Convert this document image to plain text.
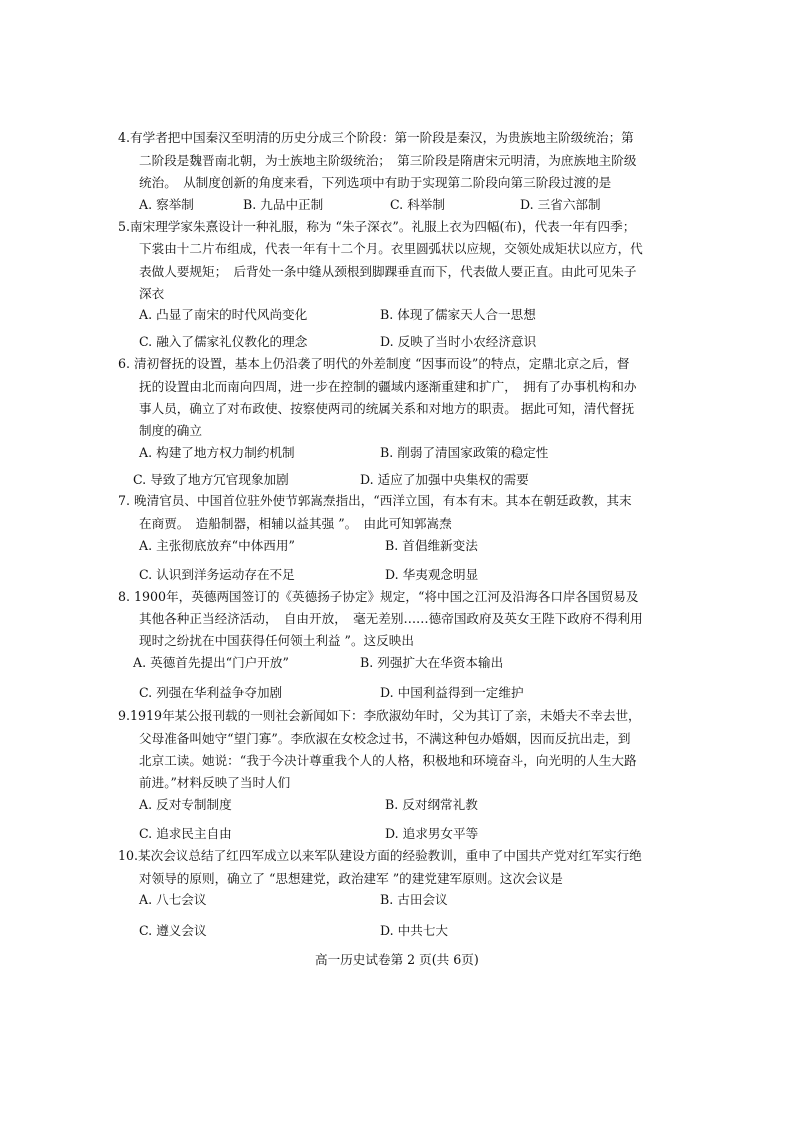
4.有学者把中国秦汉至明清的历史分成三个阶段：第一阶段是秦汉，为贵族地主阶级统治；第
二阶段是魏晋南北朝，为士族地主阶级统治；　第三阶段是隋唐宋元明清，为庶族地主阶级
统治。　从制度创新的角度来看，下列选项中有助于实现第二阶段向第三阶段过渡的是
A. 察举制	B. 九品中正制	C. 科举制	D. 三省六部制
5.南宋理学家朱熹设计一种礼服，称为 “朱子深衣”。礼服上衣为四幅(布)，代表一年有四季；
下裳由十二片布组成，代表一年有十二个月。衣里圆弧状以应规，交领处成矩状以应方，代
表做人要规矩；　后背处一条中缝从颈根到脚踝垂直而下，代表做人要正直。由此可见朱子
深衣
A. 凸显了南宋的时代风尚变化	B. 体现了儒家天人合一思想
C. 融入了儒家礼仪教化的理念	D. 反映了当时小农经济意识
6. 清初督抚的设置，基本上仍沿袭了明代的外差制度 “因事而设”的特点，定鼎北京之后，督
抚的设置由北而南向四周，进一步在控制的疆域内逐渐重建和扩广，　拥有了办事机构和办
事人员，确立了对布政使、按察使两司的统属关系和对地方的职责。 据此可知，清代督抚
制度的确立
A. 构建了地方权力制约机制	B. 削弱了清国家政策的稳定性
C. 导致了地方冗官现象加剧	D. 适应了加强中央集权的需要
7. 晚清官员、中国首位驻外使节郭嵩焘指出，“西洋立国，有本有末。其本在朝廷政教，其末
在商贾。　造船制器，相辅以益其强 ”。　由此可知郭嵩焘
A. 主张彻底放弃“中体西用”	B. 首倡维新变法
C. 认识到洋务运动存在不足	D. 华夷观念明显
8. 1900年，英德两国签订的《英德扬子协定》规定，“将中国之江河及沿海各口岸各国贸易及
其他各种正当经济活动，　自由开放，　毫无差别……德帝国政府及英女王陛下政府不得利用
现时之纷扰在中国获得任何领土利益 ”。这反映出
A. 英德首先提出“门户开放”	B. 列强扩大在华资本输出
C. 列强在华利益争夺加剧	D. 中国利益得到一定维护
9.1919年某公报刊载的一则社会新闻如下：李欣淑幼年时，父为其订了亲，未婚夫不幸去世，
父母准备叫她守“望门寡”。李欣淑在女校念过书，不满这种包办婚姻，因而反抗出走，到
北京工读。她说：“我于今决计尊重我个人的人格，积极地和环境奋斗，向光明的人生大路
前进。”材料反映了当时人们
A. 反对专制制度	B. 反对纲常礼教
C. 追求民主自由	D. 追求男女平等
10.某次会议总结了红四军成立以来军队建设方面的经验教训，重申了中国共产党对红军实行绝
对领导的原则，确立了 “思想建党，政治建军 ”的建党建军原则。这次会议是
A. 八七会议	B. 古田会议
C. 遵义会议	D. 中共七大
高一历史试卷第 2 页(共 6页)
